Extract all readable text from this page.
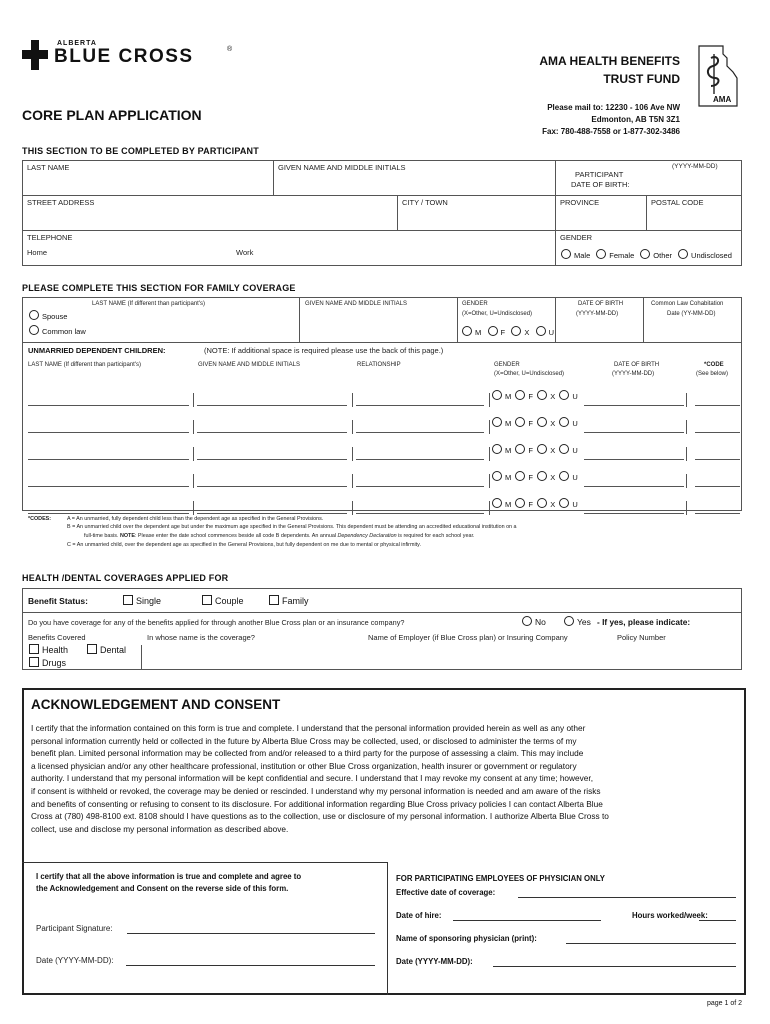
ALBERTA
BLUE CROSS	®
AMA HEALTH BENEFITS
TRUST FUND
AMA
Please mail to: 12230 - 106 Ave NW
Edmonton, AB T5N 3Z1
Fax: 780-488-7558 or 1-877-302-3486
CORE PLAN APPLICATION
THIS SECTION TO BE COMPLETED BY PARTICIPANT
LAST NAME	GIVEN NAME AND MIDDLE INITIALS
PARTICIPANT
DATE OF BIRTH:
(YYYY-MM-DD)
STREET ADDRESS	CITY / TOWN	PROVINCE	POSTAL CODE
TELEPHONE
Home	Work
GENDER
Male	Female	Other	Undisclosed
PLEASE COMPLETE THIS SECTION FOR FAMILY COVERAGE
LAST NAME (If different than participant's)	GIVEN NAME AND MIDDLE INITIALS	GENDER
(X=Other, U=Undisclosed)
DATE OF BIRTH
(YYYY-MM-DD)
Common Law Cohabitation
Date (YY-MM-DD)
Spouse
Common law	M	F	X	U
UNMARRIED DEPENDENT CHILDREN:	(NOTE: If additional space is required please use the back of this page.)
LAST NAME (If different than participant's)	GIVEN NAME AND MIDDLE INITIALS	RELATIONSHIP	GENDER
(X=Other, U=Undisclosed)
DATE OF BIRTH
(YYYY-MM-DD)
*CODE
(See below)
M F X U
M F X U
M F X U
M F X U
M F X U
*CODES:	A = An unmarried, fully dependent child less than the dependent age as specified in the General Provisions.
B = An unmarried child over the dependent age but under the maximum age specified in the General Provisions. This dependent must be attending an accredited educational institution on a
full-time basis. NOTE: Please enter the date school commences beside all code B dependents. An annual Dependency Declaration is required for each school year.
C = An unmarried child, over the dependent age as specified in the General Provisions, but fully dependent on me due to mental or physical infirmity.
HEALTH /DENTAL COVERAGES APPLIED FOR
Benefit Status:	Single	Couple	Family
Do you have coverage for any of the benefits applied for through another Blue Cross plan or an insurance company?	No	Yes - If yes, please indicate:
Benefits Covered	In whose name is the coverage?	Name of Employer (if Blue Cross plan) or Insuring Company	Policy Number
Health	Dental
Drugs
ACKNOWLEDGEMENT AND CONSENT
I certify that the information contained on this form is true and complete. I understand that the personal information provided herein as well as any other
personal information currently held or collected in the future by Alberta Blue Cross may be collected, used, or disclosed to administer the terms of my
benefit plan. Limited personal information may be collected from and/or released to a third party for the purpose of assessing a claim. This may include
a licensed physician and/or any other healthcare professional, institution or other Blue Cross organization, health insurer or government or regulatory
authority. I understand that my personal information will be kept confidential and secure. I understand that I may revoke my consent at any time; however,
if consent is withheld or revoked, the coverage may be denied or rescinded. I understand why my personal information is needed and am aware of the risks
and benefits of consenting or refusing to consent to its disclosure. For additional information regarding Blue Cross privacy policies I can contact Alberta Blue
Cross at (780) 498-8100 ext. 8108 should I have questions as to the collection, use or disclosure of my personal information. I authorize Alberta Blue Cross to
collect, use and disclose my personal information as described above.
I certify that all the above information is true and complete and agree to
the Acknowledgement and Consent on the reverse side of this form.
Participant Signature:
Date (YYYY-MM-DD):
FOR PARTICIPATING EMPLOYEES OF PHYSICIAN ONLY
Effective date of coverage:
Date of hire:	Hours worked/week:
Name of sponsoring physician (print):
Date (YYYY-MM-DD):
page 1 of 2
